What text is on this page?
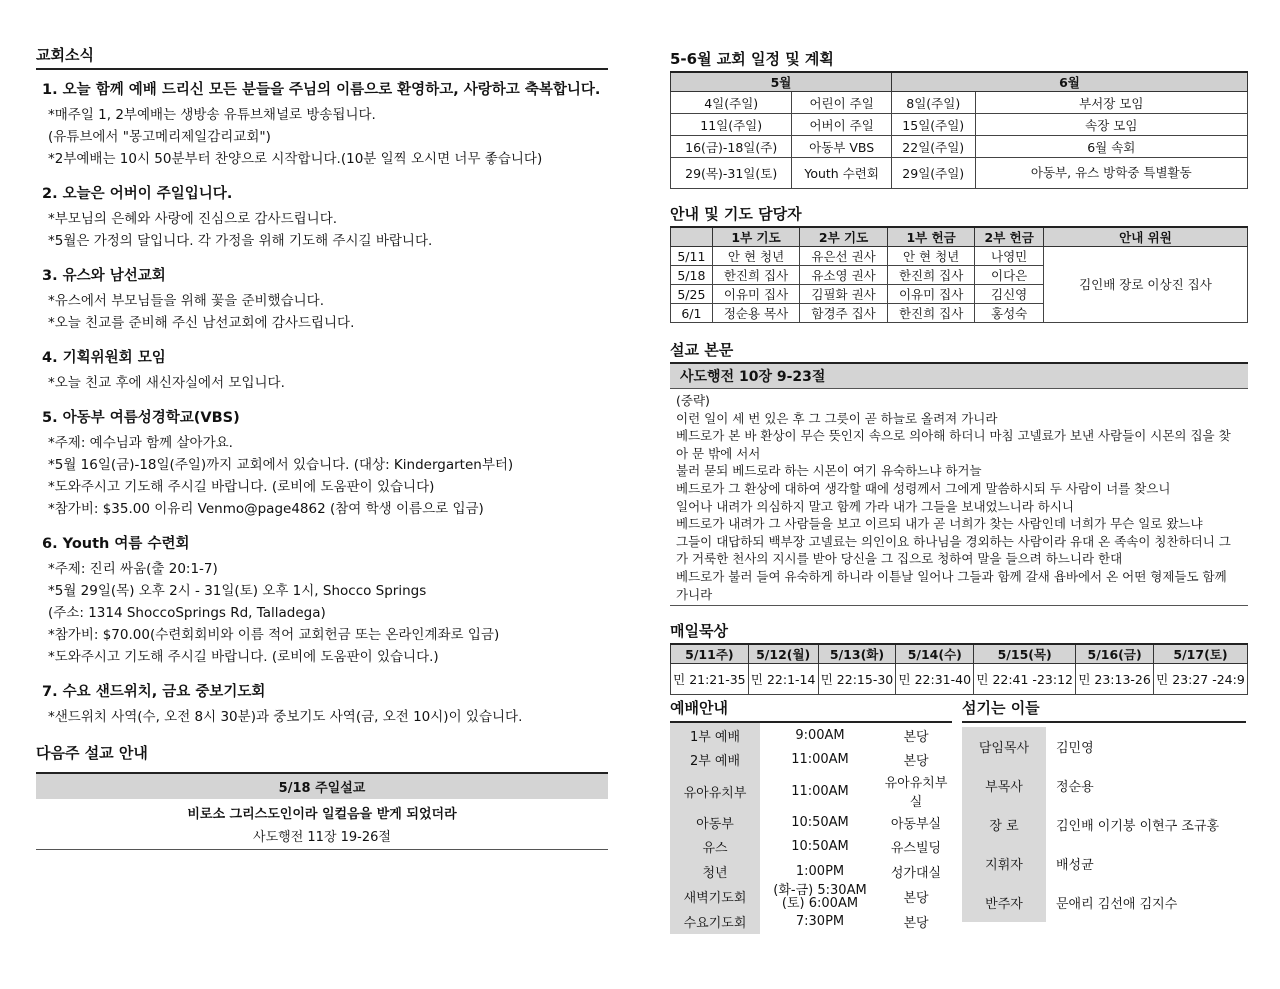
교회소식
1. 오늘 함께 예배 드리신 모든 분들을 주님의 이름으로 환영하고, 사랑하고 축복합니다.
*매주일 1, 2부예배는 생방송 유튜브채널로 방송됩니다.
(유튜브에서 "몽고메리제일감리교회")
*2부예배는 10시 50분부터 찬양으로 시작합니다.(10분 일찍 오시면 너무 좋습니다)
2. 오늘은 어버이 주일입니다.
*부모님의 은혜와 사랑에 진심으로 감사드립니다.
*5월은 가정의 달입니다. 각 가정을 위해 기도해 주시길 바랍니다.
3. 유스와 남선교회
*유스에서 부모님들을 위해 꽃을 준비했습니다.
*오늘 친교를 준비해 주신 남선교회에 감사드립니다.
4. 기획위원회 모임
*오늘 친교 후에 새신자실에서 모입니다.
5. 아동부 여름성경학교(VBS)
*주제: 예수님과 함께 살아가요.
*5월 16일(금)-18일(주일)까지 교회에서 있습니다. (대상: Kindergarten부터)
*도와주시고 기도해 주시길 바랍니다. (로비에 도움판이 있습니다)
*참가비: $35.00 이유리 Venmo@page4862 (참여 학생 이름으로 입금)
6. Youth 여름 수련회
*주제: 진리 싸움(출 20:1-7)
*5월 29일(목) 오후 2시 - 31일(토) 오후 1시, Shocco Springs
(주소: 1314 ShoccoSprings Rd, Talladega)
*참가비: $70.00(수련회회비와 이름 적어 교회헌금 또는 온라인계좌로 입금)
*도와주시고 기도해 주시길 바랍니다. (로비에 도움판이 있습니다.)
7. 수요 샌드위치, 금요 중보기도회
*샌드위치 사역(수, 오전 8시 30분)과 중보기도 사역(금, 오전 10시)이 있습니다.
다음주 설교 안내
5/18 주일설교
비로소 그리스도인이라 일컬음을 받게 되었더라
사도행전 11장 19-26절
5-6월 교회 일정 및 계획
5월		6월	
4일(주일)	어린이 주일	8일(주일)	부서장 모임
11일(주일)	어버이 주일	15일(주일)	속장 모임
16(금)-18일(주)	아동부 VBS	22일(주일)	6월 속회
29(목)-31일(토)	Youth 수련회	29일(주일)	아동부, 유스 방학중 특별활동
안내 및 기도 담당자
	1부 기도	2부 기도	1부 헌금	2부 헌금	안내 위원
5/11	안 현 청년	유은선 권사	안 현 청년	나영민	김인배 장로 이상진 집사
5/18	한진희 집사	유소영 권사	한진희 집사	이다은	
5/25	이유미 집사	김필화 권사	이유미 집사	김신영	
6/1	정순용 목사	함경주 집사	한진희 집사	홍성숙	
설교 본문
사도행전 10장 9-23절
(중략)
이런 일이 세 번 있은 후 그 그릇이 곧 하늘로 올려져 가니라
베드로가 본 바 환상이 무슨 뜻인지 속으로 의아해 하더니 마침 고넬료가 보낸 사람들이 시몬의 집을 찾아 문 밖에 서서
불러 묻되 베드로라 하는 시몬이 여기 유숙하느냐 하거늘
베드로가 그 환상에 대하여 생각할 때에 성령께서 그에게 말씀하시되 두 사람이 너를 찾으니
일어나 내려가 의심하지 말고 함께 가라 내가 그들을 보내었느니라 하시니
베드로가 내려가 그 사람들을 보고 이르되 내가 곧 너희가 찾는 사람인데 너희가 무슨 일로 왔느냐
그들이 대답하되 백부장 고넬료는 의인이요 하나님을 경외하는 사람이라 유대 온 족속이 칭찬하더니 그가 거룩한 천사의 지시를 받아 당신을 그 집으로 청하여 말을 들으려 하느니라 한대
베드로가 불러 들여 유숙하게 하니라 이튿날 일어나 그들과 함께 갈새 욥바에서 온 어떤 형제들도 함께 가니라
매일묵상
5/11주)	5/12(월)	5/13(화)	5/14(수)	5/15(목)	5/16(금)	5/17(토)
민 21:21-35	민 22:1-14	민 22:15-30	민 22:31-40	민 22:41 -23:12	민 23:13-26	민 23:27 -24:9
예배안내
1부 예배	9:00AM	본당
2부 예배	11:00AM	본당
유아유치부	11:00AM	유아유치부실
아동부	10:50AM	아동부실
유스	10:50AM	유스빌딩
청년	1:00PM	성가대실
새벽기도회	(화-금) 5:30AM (토) 6:00AM	본당
수요기도회	7:30PM	본당
섬기는 이들
담임목사	김민영
부목사	정순용
장 로	김인배 이기붕 이현구 조규홍
지휘자	배성균
반주자	문애리 김선애 김지수
